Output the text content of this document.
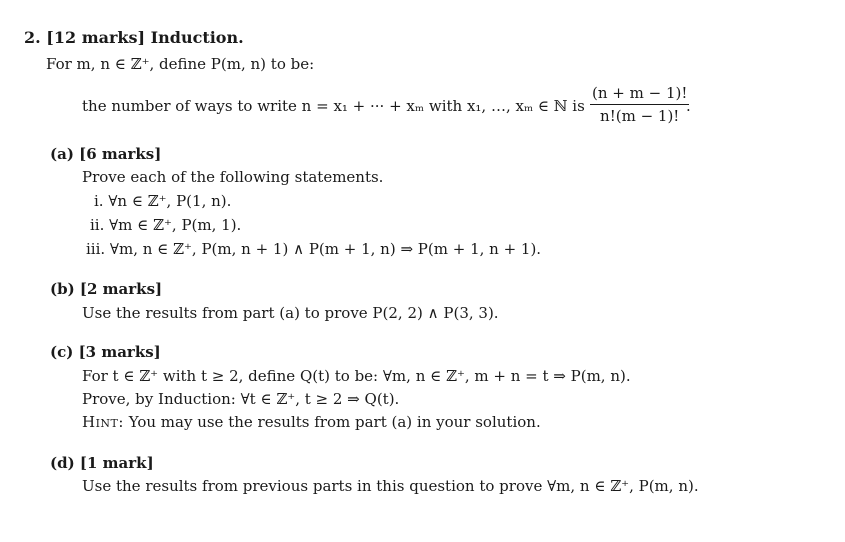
2. [12 marks] Induction.
For m, n ∈ ℤ⁺, define P(m, n) to be:
the number of ways to write n = x₁ + ··· + xₘ with x₁, …, xₘ ∈ ℕ is
(n + m − 1)!
n!(m − 1)!
.
(a) [6 marks]
Prove each of the following statements.
i. ∀n ∈ ℤ⁺, P(1, n).
ii. ∀m ∈ ℤ⁺, P(m, 1).
iii. ∀m, n ∈ ℤ⁺, P(m, n + 1) ∧ P(m + 1, n) ⇒ P(m + 1, n + 1).
(b) [2 marks]
Use the results from part (a) to prove P(2, 2) ∧ P(3, 3).
(c) [3 marks]
For t ∈ ℤ⁺ with t ≥ 2, define Q(t) to be: ∀m, n ∈ ℤ⁺, m + n = t ⇒ P(m, n).
Prove, by Induction: ∀t ∈ ℤ⁺, t ≥ 2 ⇒ Q(t).
Hint: You may use the results from part (a) in your solution.
(d) [1 mark]
Use the results from previous parts in this question to prove ∀m, n ∈ ℤ⁺, P(m, n).
